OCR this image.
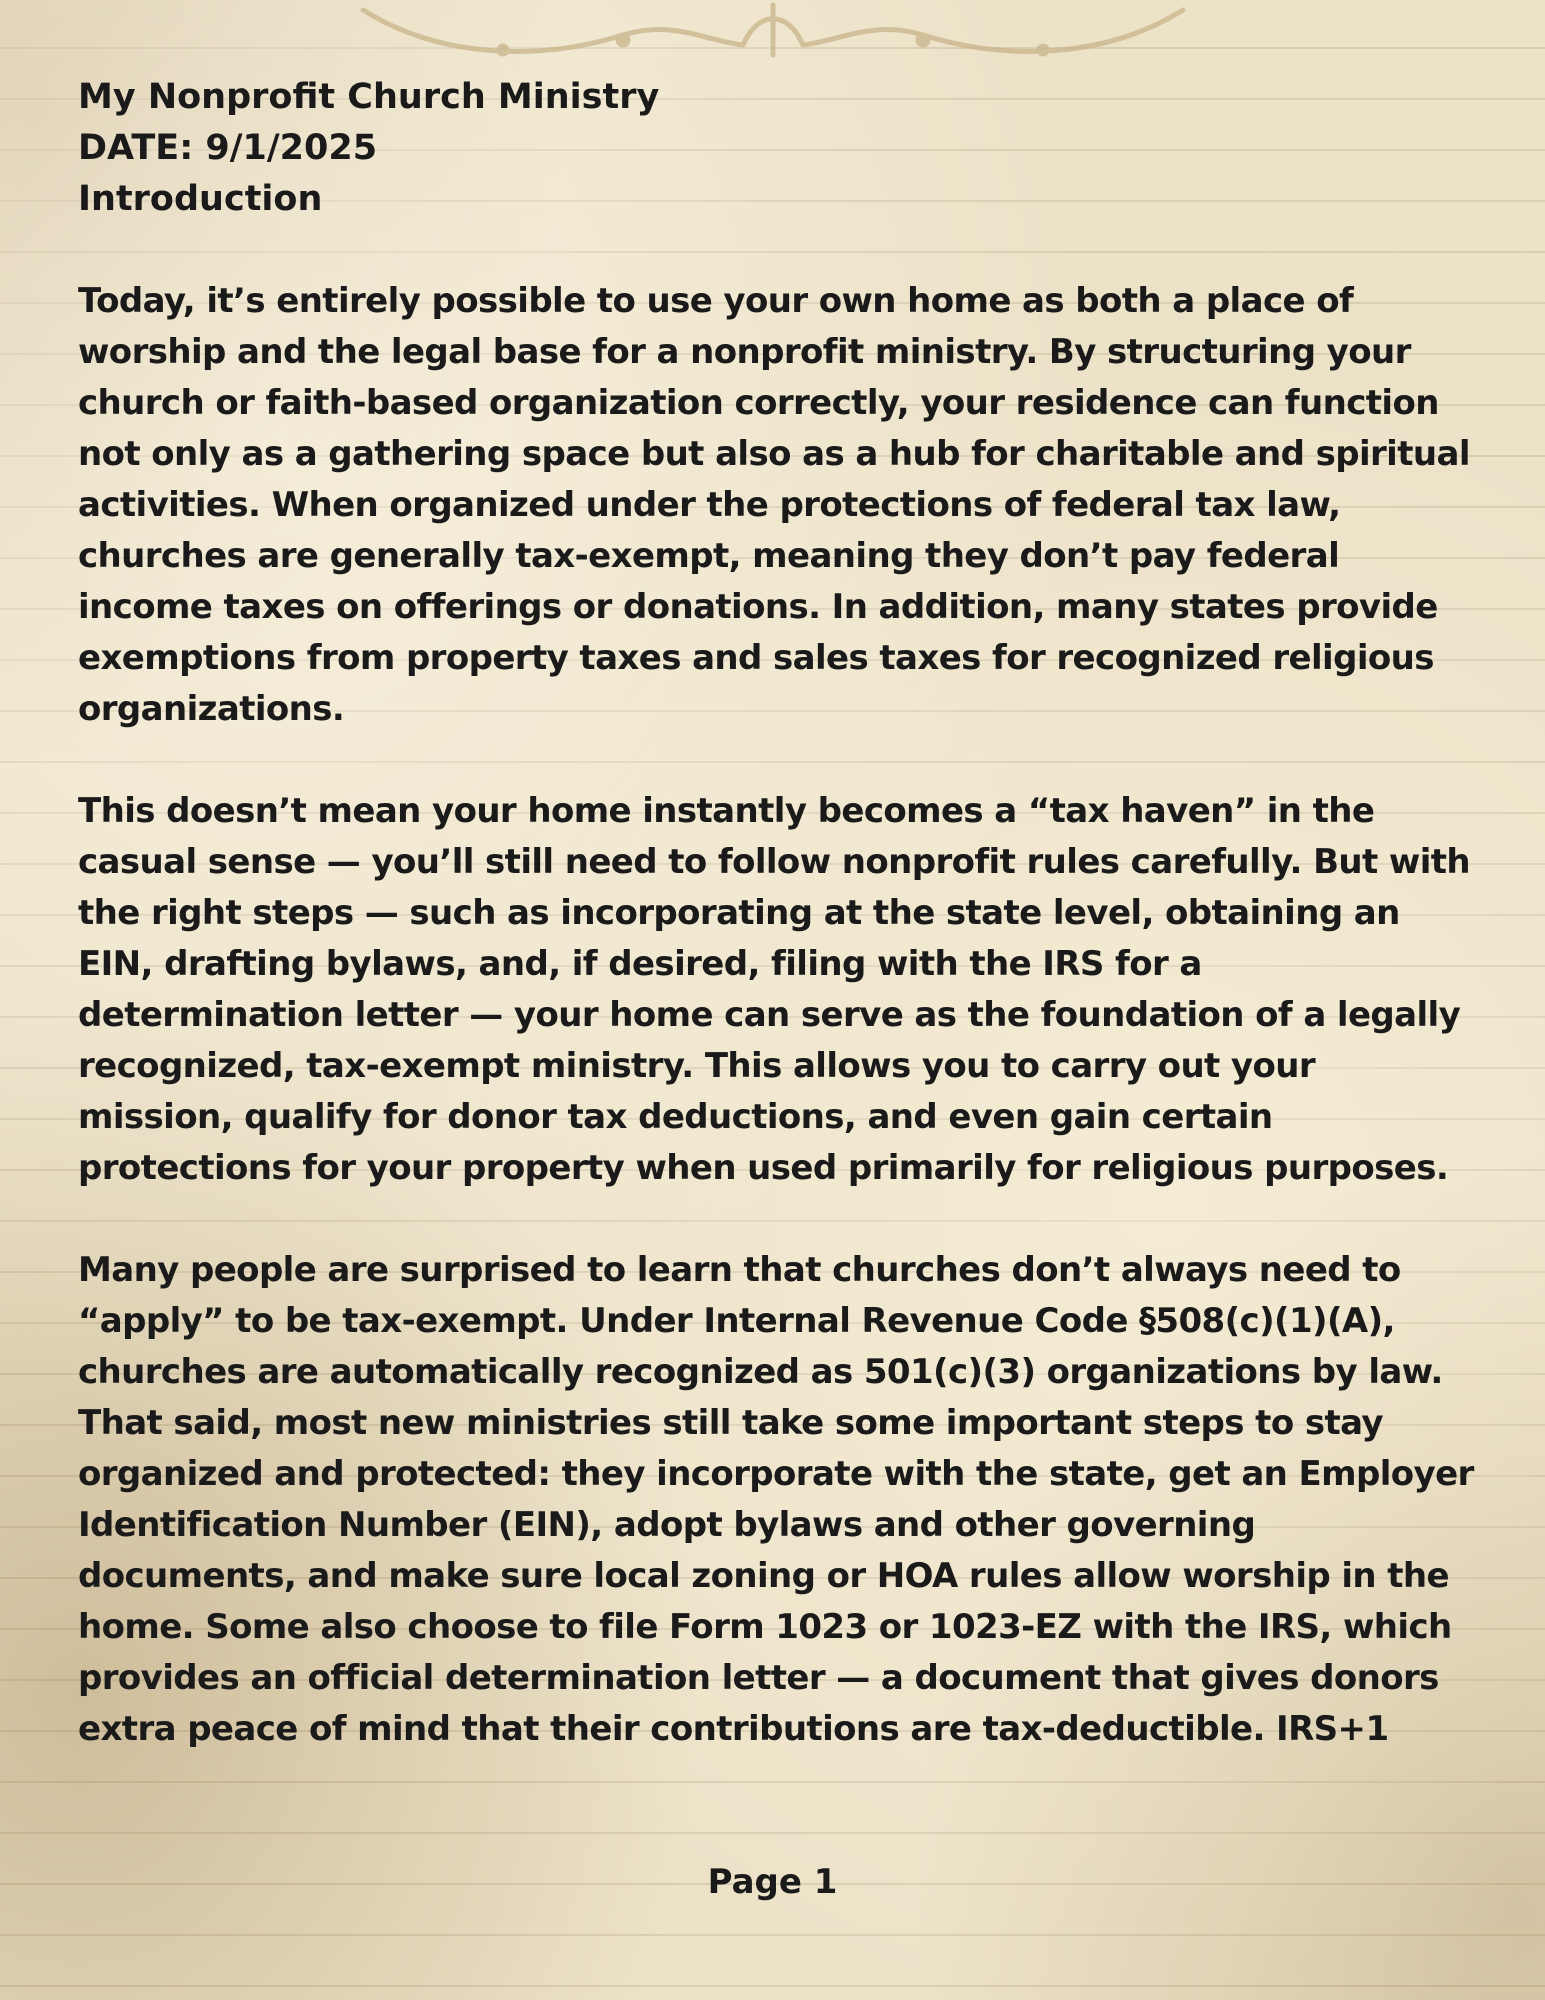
My Nonprofit Church Ministry

DATE: 9/1/2025

Introduction

Today, it’s entirely possible to use your own home as both a place of worship and the legal base for a nonprofit ministry. By structuring your church or faith-based organization correctly, your residence can function not only as a gathering space but also as a hub for charitable and spiritual activities. When organized under the protections of federal tax law, churches are generally tax-exempt, meaning they don’t pay federal income taxes on offerings or donations. In addition, many states provide exemptions from property taxes and sales taxes for recognized religious organizations.

This doesn’t mean your home instantly becomes a “tax haven” in the casual sense — you’ll still need to follow nonprofit rules carefully. But with the right steps — such as incorporating at the state level, obtaining an EIN, drafting bylaws, and, if desired, filing with the IRS for a determination letter — your home can serve as the foundation of a legally recognized, tax-exempt ministry. This allows you to carry out your mission, qualify for donor tax deductions, and even gain certain protections for your property when used primarily for religious purposes.

Many people are surprised to learn that churches don’t always need to “apply” to be tax-exempt. Under Internal Revenue Code §508(c)(1)(A), churches are automatically recognized as 501(c)(3) organizations by law. That said, most new ministries still take some important steps to stay organized and protected: they incorporate with the state, get an Employer Identification Number (EIN), adopt bylaws and other governing documents, and make sure local zoning or HOA rules allow worship in the home. Some also choose to file Form 1023 or 1023-EZ with the IRS, which provides an official determination letter — a document that gives donors extra peace of mind that their contributions are tax-deductible. IRS+1

Page 1
